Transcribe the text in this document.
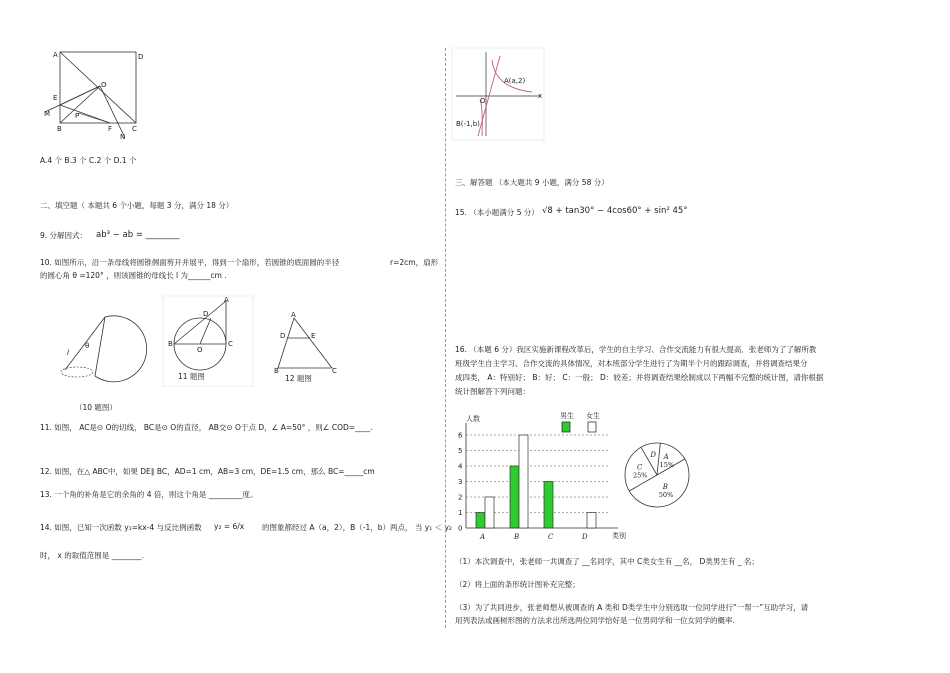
A	D
O
E
M	P
B	F	C
N
A.4 个 B.3 个 C.2 个 D.1 个
二、填空题（ 本题共 6 个小题，每题 3 分，满分 18 分）
9. 分解因式： ab³ − ab = ________
10. 如图所示，沿一条母线将圆锥侧面剪开并展平，得到一个扇形，若圆锥的底面圆的半径	r=2cm，扇形
的圆心角 θ =120° ，则该圆锥的母线长 l 为______cm .
l
θ
（10 题图）
A
D
B
O
C
11 题图
A
D	E
B	C
12 题图
11. 如图， AC是⊙ O的切线， BC是⊙ O的直径， AB交⊙ O于点 D，∠ A=50° ，则∠ COD=____.
12. 如图，在△ ABC中，如果 DE∥ BC，AD=1 cm，AB=3 cm，DE=1.5 cm，那么 BC=_____cm
13. 一个角的补角是它的余角的 4 倍，则这个角是 _________度。
14. 如图，已知一次函数 y₁=kx-4 与反比例函数 y₂ = 6/x 的图象都经过 A（a，2），B（-1，b）两点， 当 y₁ ＜ y₂
时， x 的取值范围是 ________.
A(a,2)
O
x
B(-1,b)
三、解答题 （本大题共 9 小题，满分 58 分）
15. （本小题满分 5 分） √8 + tan30° − 4cos60° + sin² 45°
16. （本题 6 分）我区实施新课程改革后，学生的自主学习、合作交流能力有很大提高．张老师为了了解所教
班级学生自主学习、合作交流的具体情况，对本班部分学生进行了为期半个月的跟踪调查，并将调查结果分
成四类， A：特别好； B：好； C：一般； D：较差；并将调查结果绘制成以下两幅不完整的统计图，请你根据
统计图解答下列问题：
0
1
2
3
4
5
6
人数
类别
A	B	C	D
男生 女生
D A
15%
B
50%
C
25%
（1）本次调查中，张老师一共调查了 __名同学，其中 C类女生有 __名， D类男生有 _ 名；
（2）将上面的条形统计图补充完整；
（3）为了共同进步，张老师想从被调查的 A 类和 D类学生中分别选取一位同学进行“一帮一”互助学习，请
用列表法或画树形图的方法求出所选两位同学恰好是一位男同学和一位女同学的概率.
